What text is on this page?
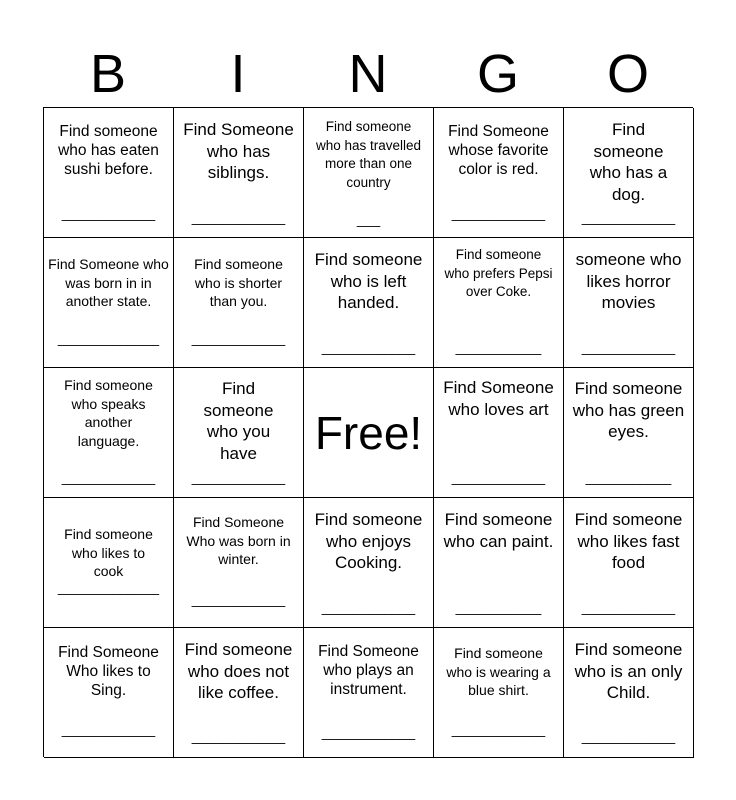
B	I	N	G	O
Find someone who has eaten sushi before.
____________
Find Someone who has siblings.
____________
Find someone who has travelled more than one country
___
Find Someone whose favorite color is red.
____________
Find someone who has a dog.
____________
Find Someone who was born in in another state.
_____________
Find someone who is shorter than you.
____________
Find someone who is left handed.
____________
Find someone who prefers Pepsi over Coke.
___________
someone who likes horror movies
____________
Find someone who speaks another language.
____________
Find someone who you have
____________
Free!
Find Someone who loves art
____________
Find someone who has green eyes.
___________
Find someone who likes to cook
_____________
Find Someone Who was born in winter.
____________
Find someone who enjoys Cooking.
____________
Find someone who can paint.
___________
Find someone who likes fast food
____________
Find Someone Who likes to Sing.
____________
Find someone who does not like coffee.
____________
Find Someone who plays an instrument.
____________
Find someone who is wearing a blue shirt.
____________
Find someone who is an only Child.
____________
